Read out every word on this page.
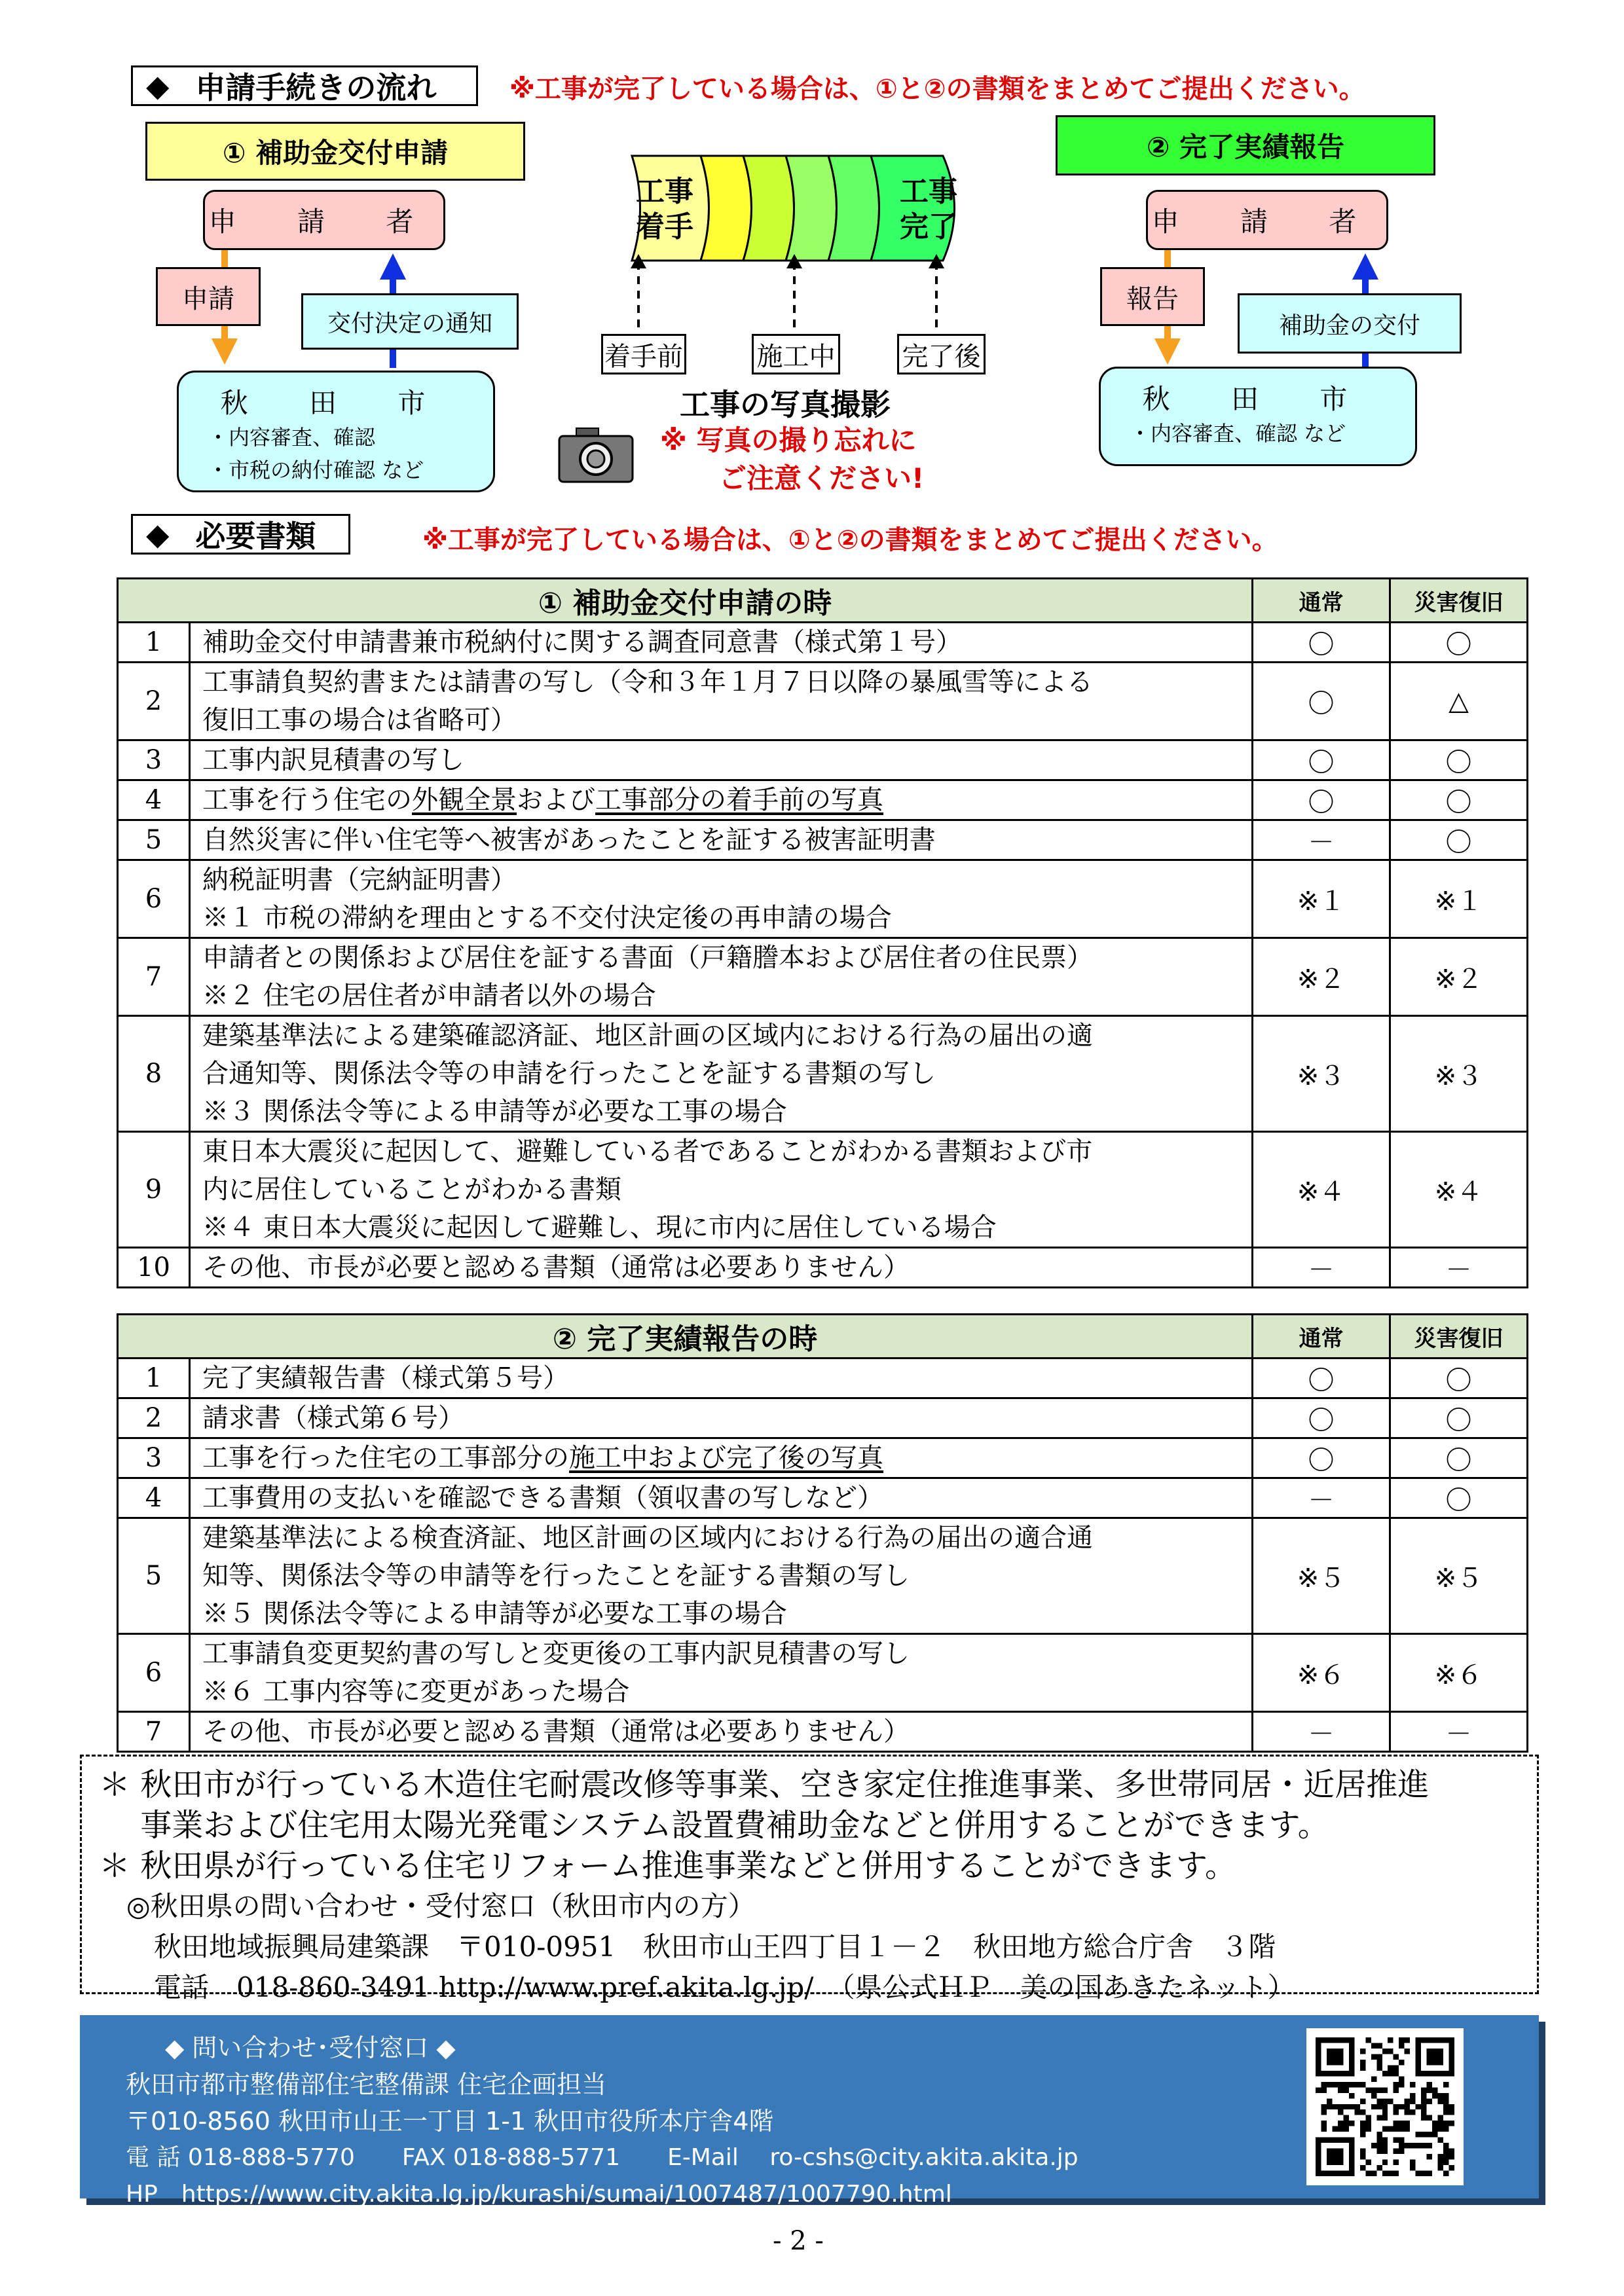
◆ 申請手続きの流れ	※工事が完了している場合は、①と②の書類をまとめてご提出ください。
① 補助金交付申請
申 請 者
申請
交付決定の通知
秋 田 市
・内容審査、確認
・市税の納付確認 など
工事着手
工事完了
着手前	施工中	完了後
工事の写真撮影
※ 写真の撮り忘れに
ご注意ください!
② 完了実績報告
申 請 者
報告
補助金の交付
秋 田 市
・内容審査、確認 など
◆ 必要書類	※工事が完了している場合は、①と②の書類をまとめてご提出ください。
① 補助金交付申請の時		通常	災害復旧
1	補助金交付申請書兼市税納付に関する調査同意書（様式第１号）	〇	〇
2	工事請負契約書または請書の写し（令和３年１月７日以降の暴風雪等による
復旧工事の場合は省略可）	〇	△
3	工事内訳見積書の写し	〇	〇
4	工事を行う住宅の外観全景および工事部分の着手前の写真	〇	〇
5	自然災害に伴い住宅等へ被害があったことを証する被害証明書	－	〇
6	納税証明書（完納証明書）
※１ 市税の滞納を理由とする不交付決定後の再申請の場合	※１	※１
7	申請者との関係および居住を証する書面（戸籍謄本および居住者の住民票）
※２ 住宅の居住者が申請者以外の場合	※２	※２
8	建築基準法による建築確認済証、地区計画の区域内における行為の届出の適
合通知等、関係法令等の申請を行ったことを証する書類の写し
※３ 関係法令等による申請等が必要な工事の場合	※３	※３
9	東日本大震災に起因して、避難している者であることがわかる書類および市
内に居住していることがわかる書類
※４ 東日本大震災に起因して避難し、現に市内に居住している場合	※４	※４
10	その他、市長が必要と認める書類（通常は必要ありません）	－	－
② 完了実績報告の時		通常	災害復旧
1	完了実績報告書（様式第５号）	〇	〇
2	請求書（様式第６号）	〇	〇
3	工事を行った住宅の工事部分の施工中および完了後の写真	〇	〇
4	工事費用の支払いを確認できる書類（領収書の写しなど）	－	〇
5	建築基準法による検査済証、地区計画の区域内における行為の届出の適合通
知等、関係法令等の申請等を行ったことを証する書類の写し
※５ 関係法令等による申請等が必要な工事の場合	※５	※５
6	工事請負変更契約書の写しと変更後の工事内訳見積書の写し
※６ 工事内容等に変更があった場合	※６	※６
7	その他、市長が必要と認める書類（通常は必要ありません）	－	－
＊ 秋田市が行っている木造住宅耐震改修等事業、空き家定住推進事業、多世帯同居・近居推進
　 事業および住宅用太陽光発電システム設置費補助金などと併用することができます。
＊ 秋田県が行っている住宅リフォーム推進事業などと併用することができます。
　◎秋田県の問い合わせ・受付窓口（秋田市内の方）
　　秋田地域振興局建築課　〒010-0951　秋田市山王四丁目１－２　秋田地方総合庁舎　３階
　　電話　018-860-3491 http://www.pref.akita.lg.jp/　（県公式ＨＰ　美の国あきたネット）
◆ 問い合わせ･受付窓口 ◆
秋田市都市整備部住宅整備課 住宅企画担当
〒010-8560 秋田市山王一丁目 1-1 秋田市役所本庁舎4階
電 話 018-888-5770　　FAX 018-888-5771　　E-Mail　 ro-cshs@city.akita.akita.jp
HP　https://www.city.akita.lg.jp/kurashi/sumai/1007487/1007790.html
- 2 -
